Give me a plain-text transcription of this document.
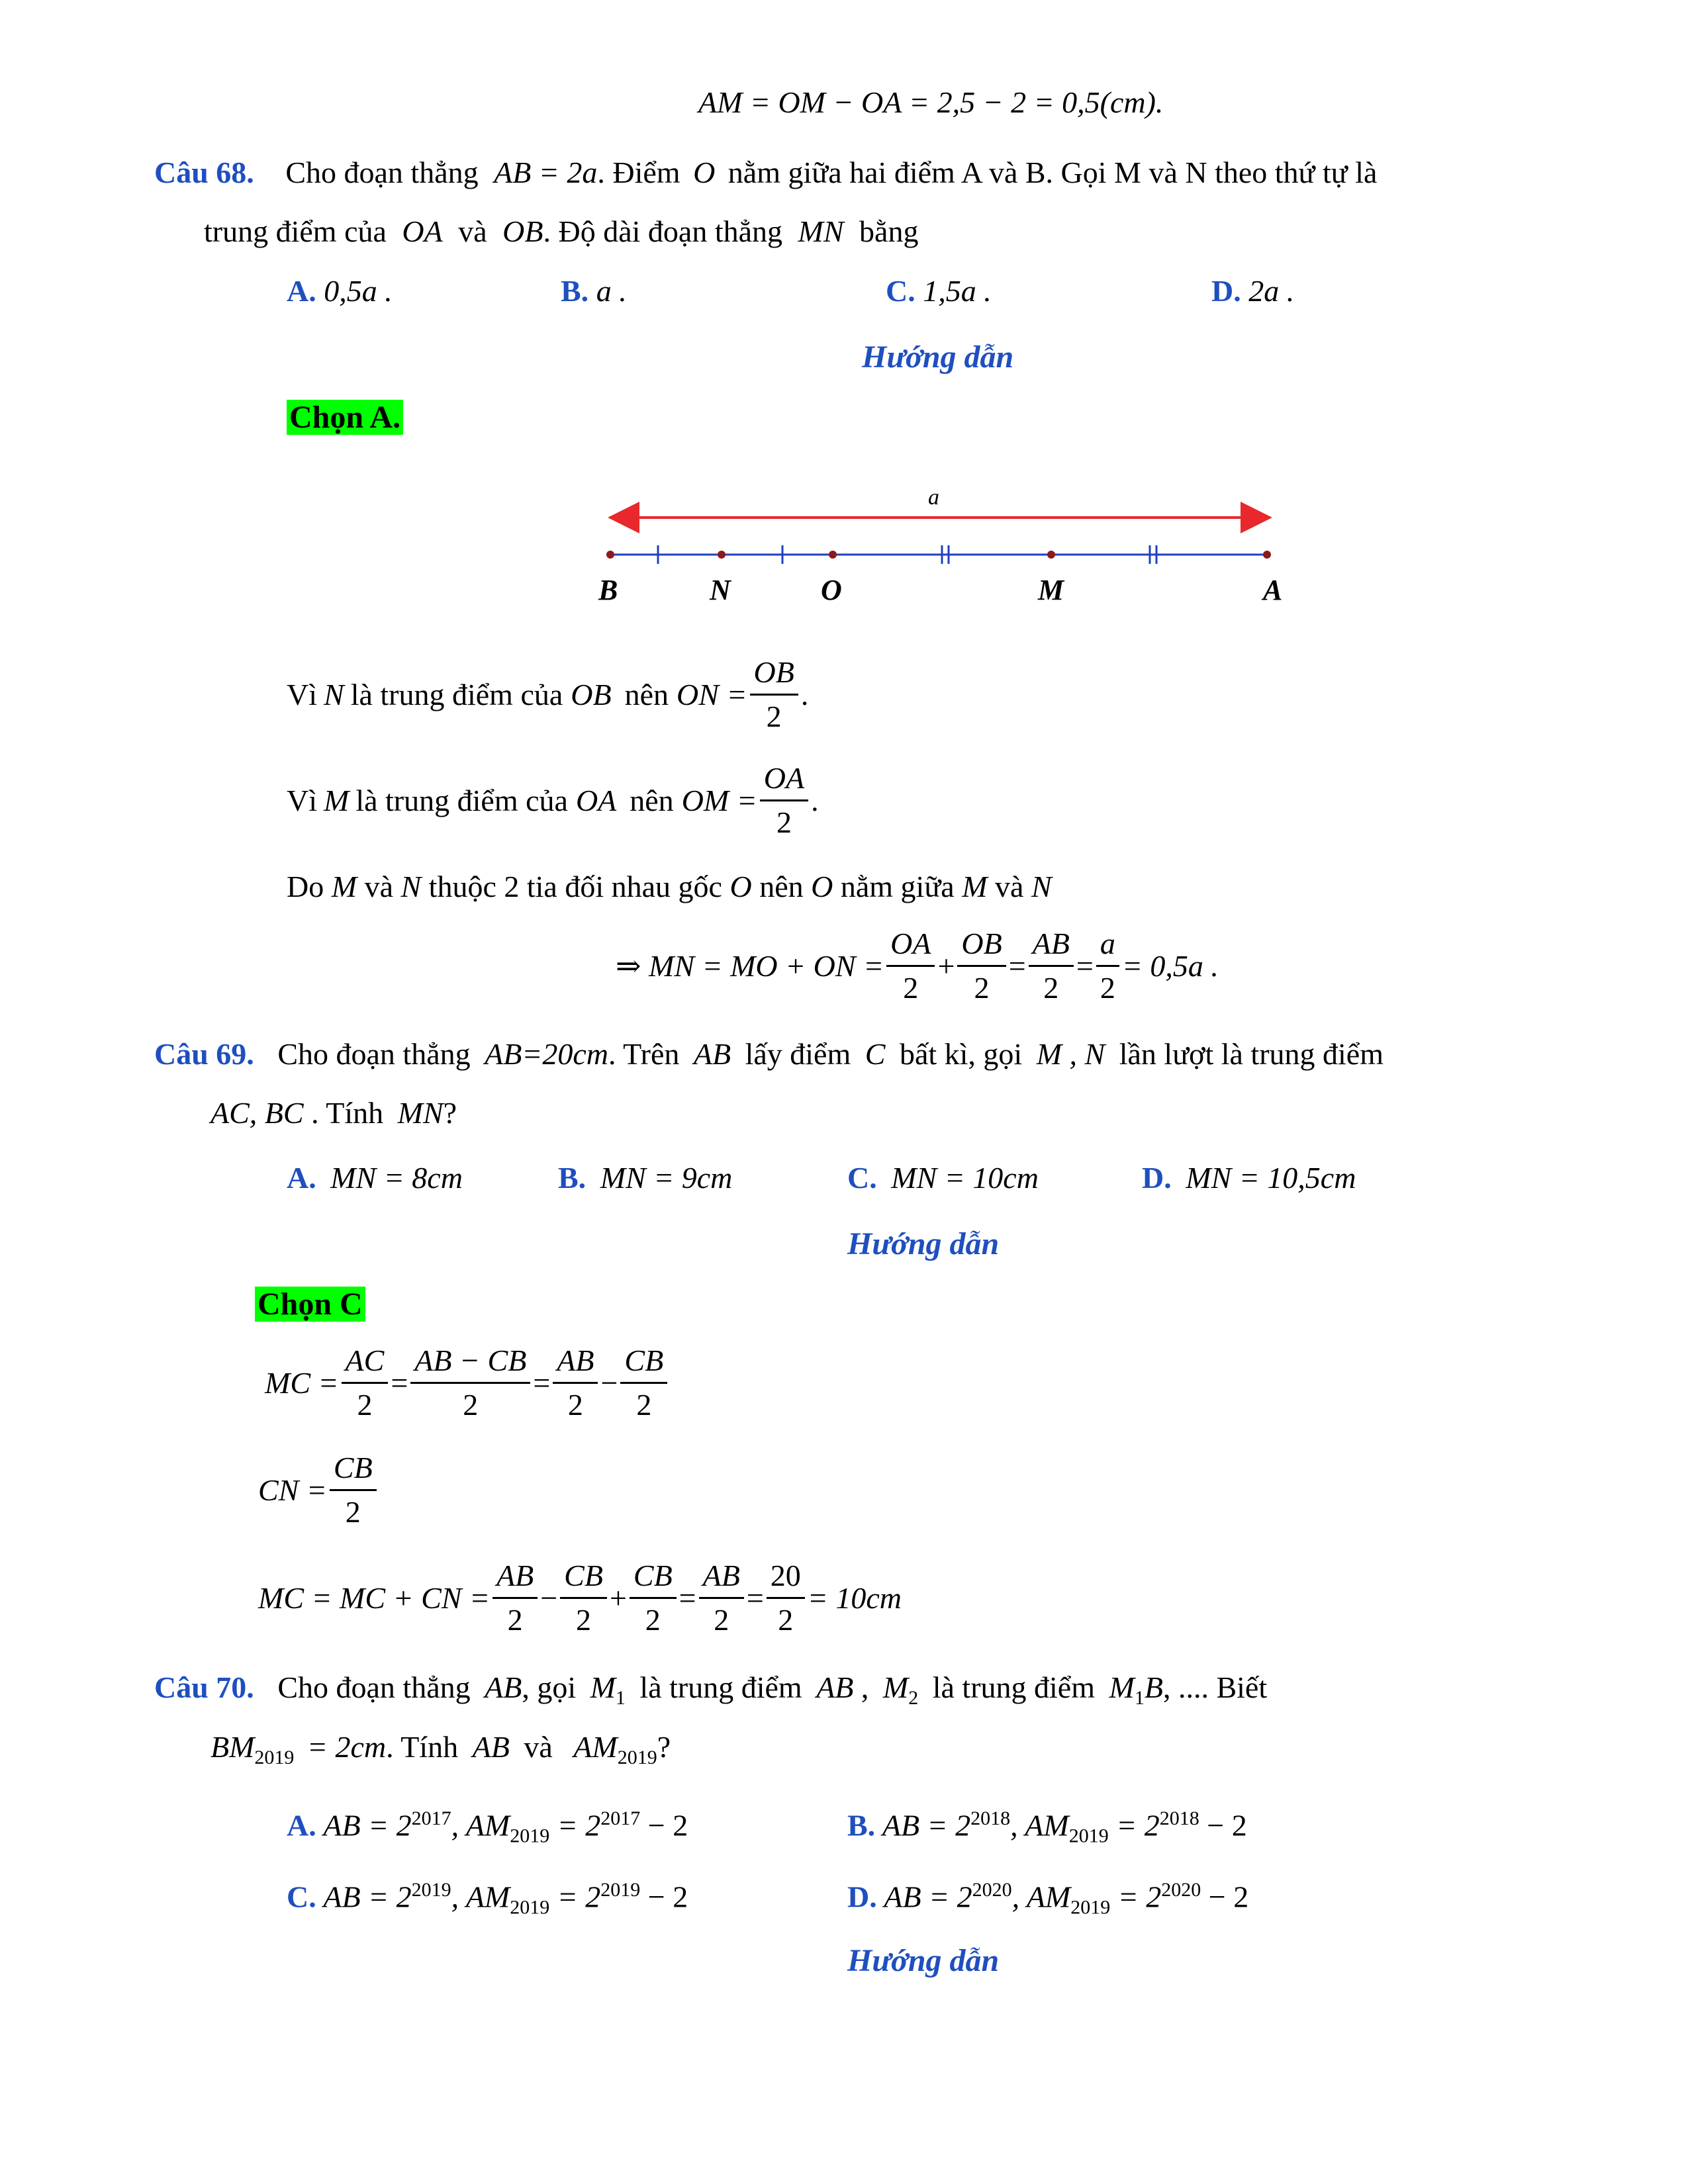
AM = OM − OA = 2,5 − 2 = 0,5(cm).
Câu 68. Cho đoạn thẳng AB = 2a. Điểm O nằm giữa hai điểm A và B. Gọi M và N theo thứ tự là
trung điểm của OA và OB. Độ dài đoạn thẳng MN bằng
A. 0,5a .	B. a .	C. 1,5a .	D. 2a .
Hướng dẫn
Chọn A.
a
B	N	O	M	A
Vì N là trung điểm của OB nên ON = $\frac{OB}{2}$ .
Vì M là trung điểm của OA nên OM = $\frac{OA}{2}$ .
Do M và N thuộc 2 tia đối nhau gốc O nên O nằm giữa M và N
⇒ MN = MO + ON = $\frac{OA}{2} + \frac{OB}{2} = \frac{AB}{2} = \frac{a}{2} = 0,5a$ .
Câu 69. Cho đoạn thẳng AB=20cm. Trên AB lấy điểm C bất kì, gọi M , N lần lượt là trung điểm
AC, BC . Tính MN?
A. MN = 8cm	B. MN = 9cm	C. MN = 10cm	D. MN = 10,5cm
Hướng dẫn
Chọn C
MC = $\frac{AC}{2} = \frac{AB - CB}{2} = \frac{AB}{2} - \frac{CB}{2}$
CN = $\frac{CB}{2}$
MC = MC + CN = $\frac{AB}{2} - \frac{CB}{2} + \frac{CB}{2} = \frac{AB}{2} = \frac{20}{2} = 10cm$
Câu 70. Cho đoạn thẳng AB, gọi $M_1$ là trung điểm AB , $M_2$ là trung điểm $M_1B$, .... Biết
$BM_{2019} = 2cm$. Tính AB và $AM_{2019}$?
A. AB = $2^{2017}$, $AM_{2019} = 2^{2017} - 2$	B. AB = $2^{2018}$, $AM_{2019} = 2^{2018} - 2$
C. AB = $2^{2019}$, $AM_{2019} = 2^{2019} - 2$	D. AB = $2^{2020}$, $AM_{2019} = 2^{2020} - 2$
Hướng dẫn
